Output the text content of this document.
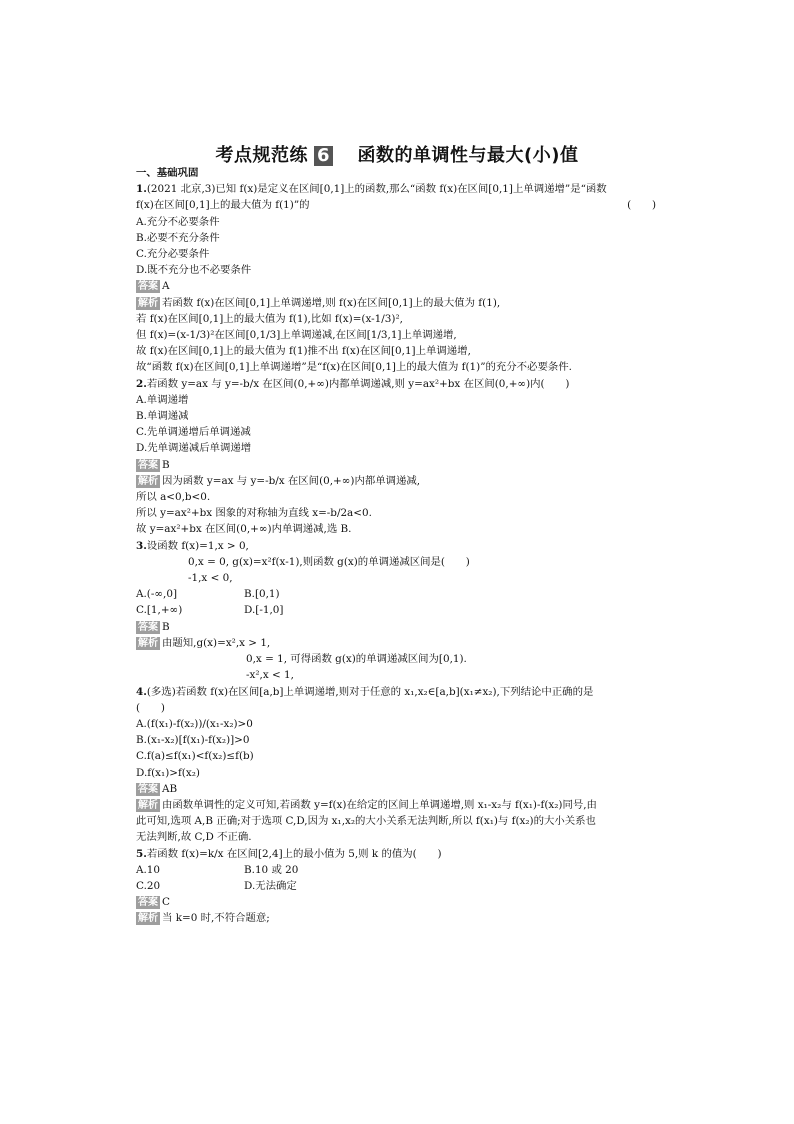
考点规范练 6　 函数的单调性与最大(小)值
一、基础巩固
1.(2021 北京,3)已知 f(x)是定义在区间[0,1]上的函数,那么“函数 f(x)在区间[0,1]上单调递增”是“函数
f(x)在区间[0,1]上的最大值为 f(1)”的	(　　)
A.充分不必要条件
B.必要不充分条件
C.充分必要条件
D.既不充分也不必要条件
答案 A
解析 若函数 f(x)在区间[0,1]上单调递增,则 f(x)在区间[0,1]上的最大值为 f(1),
若 f(x)在区间[0,1]上的最大值为 f(1),比如 f(x)=(x-1/3)²,
但 f(x)=(x-1/3)²在区间[0,1/3]上单调递减,在区间[1/3,1]上单调递增,
故 f(x)在区间[0,1]上的最大值为 f(1)推不出 f(x)在区间[0,1]上单调递增,
故“函数 f(x)在区间[0,1]上单调递增”是“f(x)在区间[0,1]上的最大值为 f(1)”的充分不必要条件.
2.若函数 y=ax 与 y=-b/x 在区间(0,+∞)内都单调递减,则 y=ax²+bx 在区间(0,+∞)内(　　)
A.单调递增
B.单调递减
C.先单调递增后单调递减
D.先单调递减后单调递增
答案 B
解析 因为函数 y=ax 与 y=-b/x 在区间(0,+∞)内都单调递减,
所以 a<0,b<0.
所以 y=ax²+bx 图象的对称轴为直线 x=-b/2a<0.
故 y=ax²+bx 在区间(0,+∞)内单调递减,选 B.
3.设函数 f(x)=1,x > 0,
0,x = 0, g(x)=x²f(x-1),则函数 g(x)的单调递减区间是(　　)
-1,x < 0,
A.(-∞,0]	B.[0,1)
C.[1,+∞)	D.[-1,0]
答案 B
解析 由题知,g(x)=x²,x > 1,
0,x = 1, 可得函数 g(x)的单调递减区间为[0,1).
-x²,x < 1,
4.(多选)若函数 f(x)在区间[a,b]上单调递增,则对于任意的 x₁,x₂∈[a,b](x₁≠x₂),下列结论中正确的是
(　　)
A.(f(x₁)-f(x₂))/(x₁-x₂)>0
B.(x₁-x₂)[f(x₁)-f(x₂)]>0
C.f(a)≤f(x₁)<f(x₂)≤f(b)
D.f(x₁)>f(x₂)
答案 AB
解析 由函数单调性的定义可知,若函数 y=f(x)在给定的区间上单调递增,则 x₁-x₂与 f(x₁)-f(x₂)同号,由
此可知,选项 A,B 正确;对于选项 C,D,因为 x₁,x₂的大小关系无法判断,所以 f(x₁)与 f(x₂)的大小关系也
无法判断,故 C,D 不正确.
5.若函数 f(x)=k/x 在区间[2,4]上的最小值为 5,则 k 的值为(　　)
A.10	B.10 或 20
C.20	D.无法确定
答案 C
解析 当 k=0 时,不符合题意;
